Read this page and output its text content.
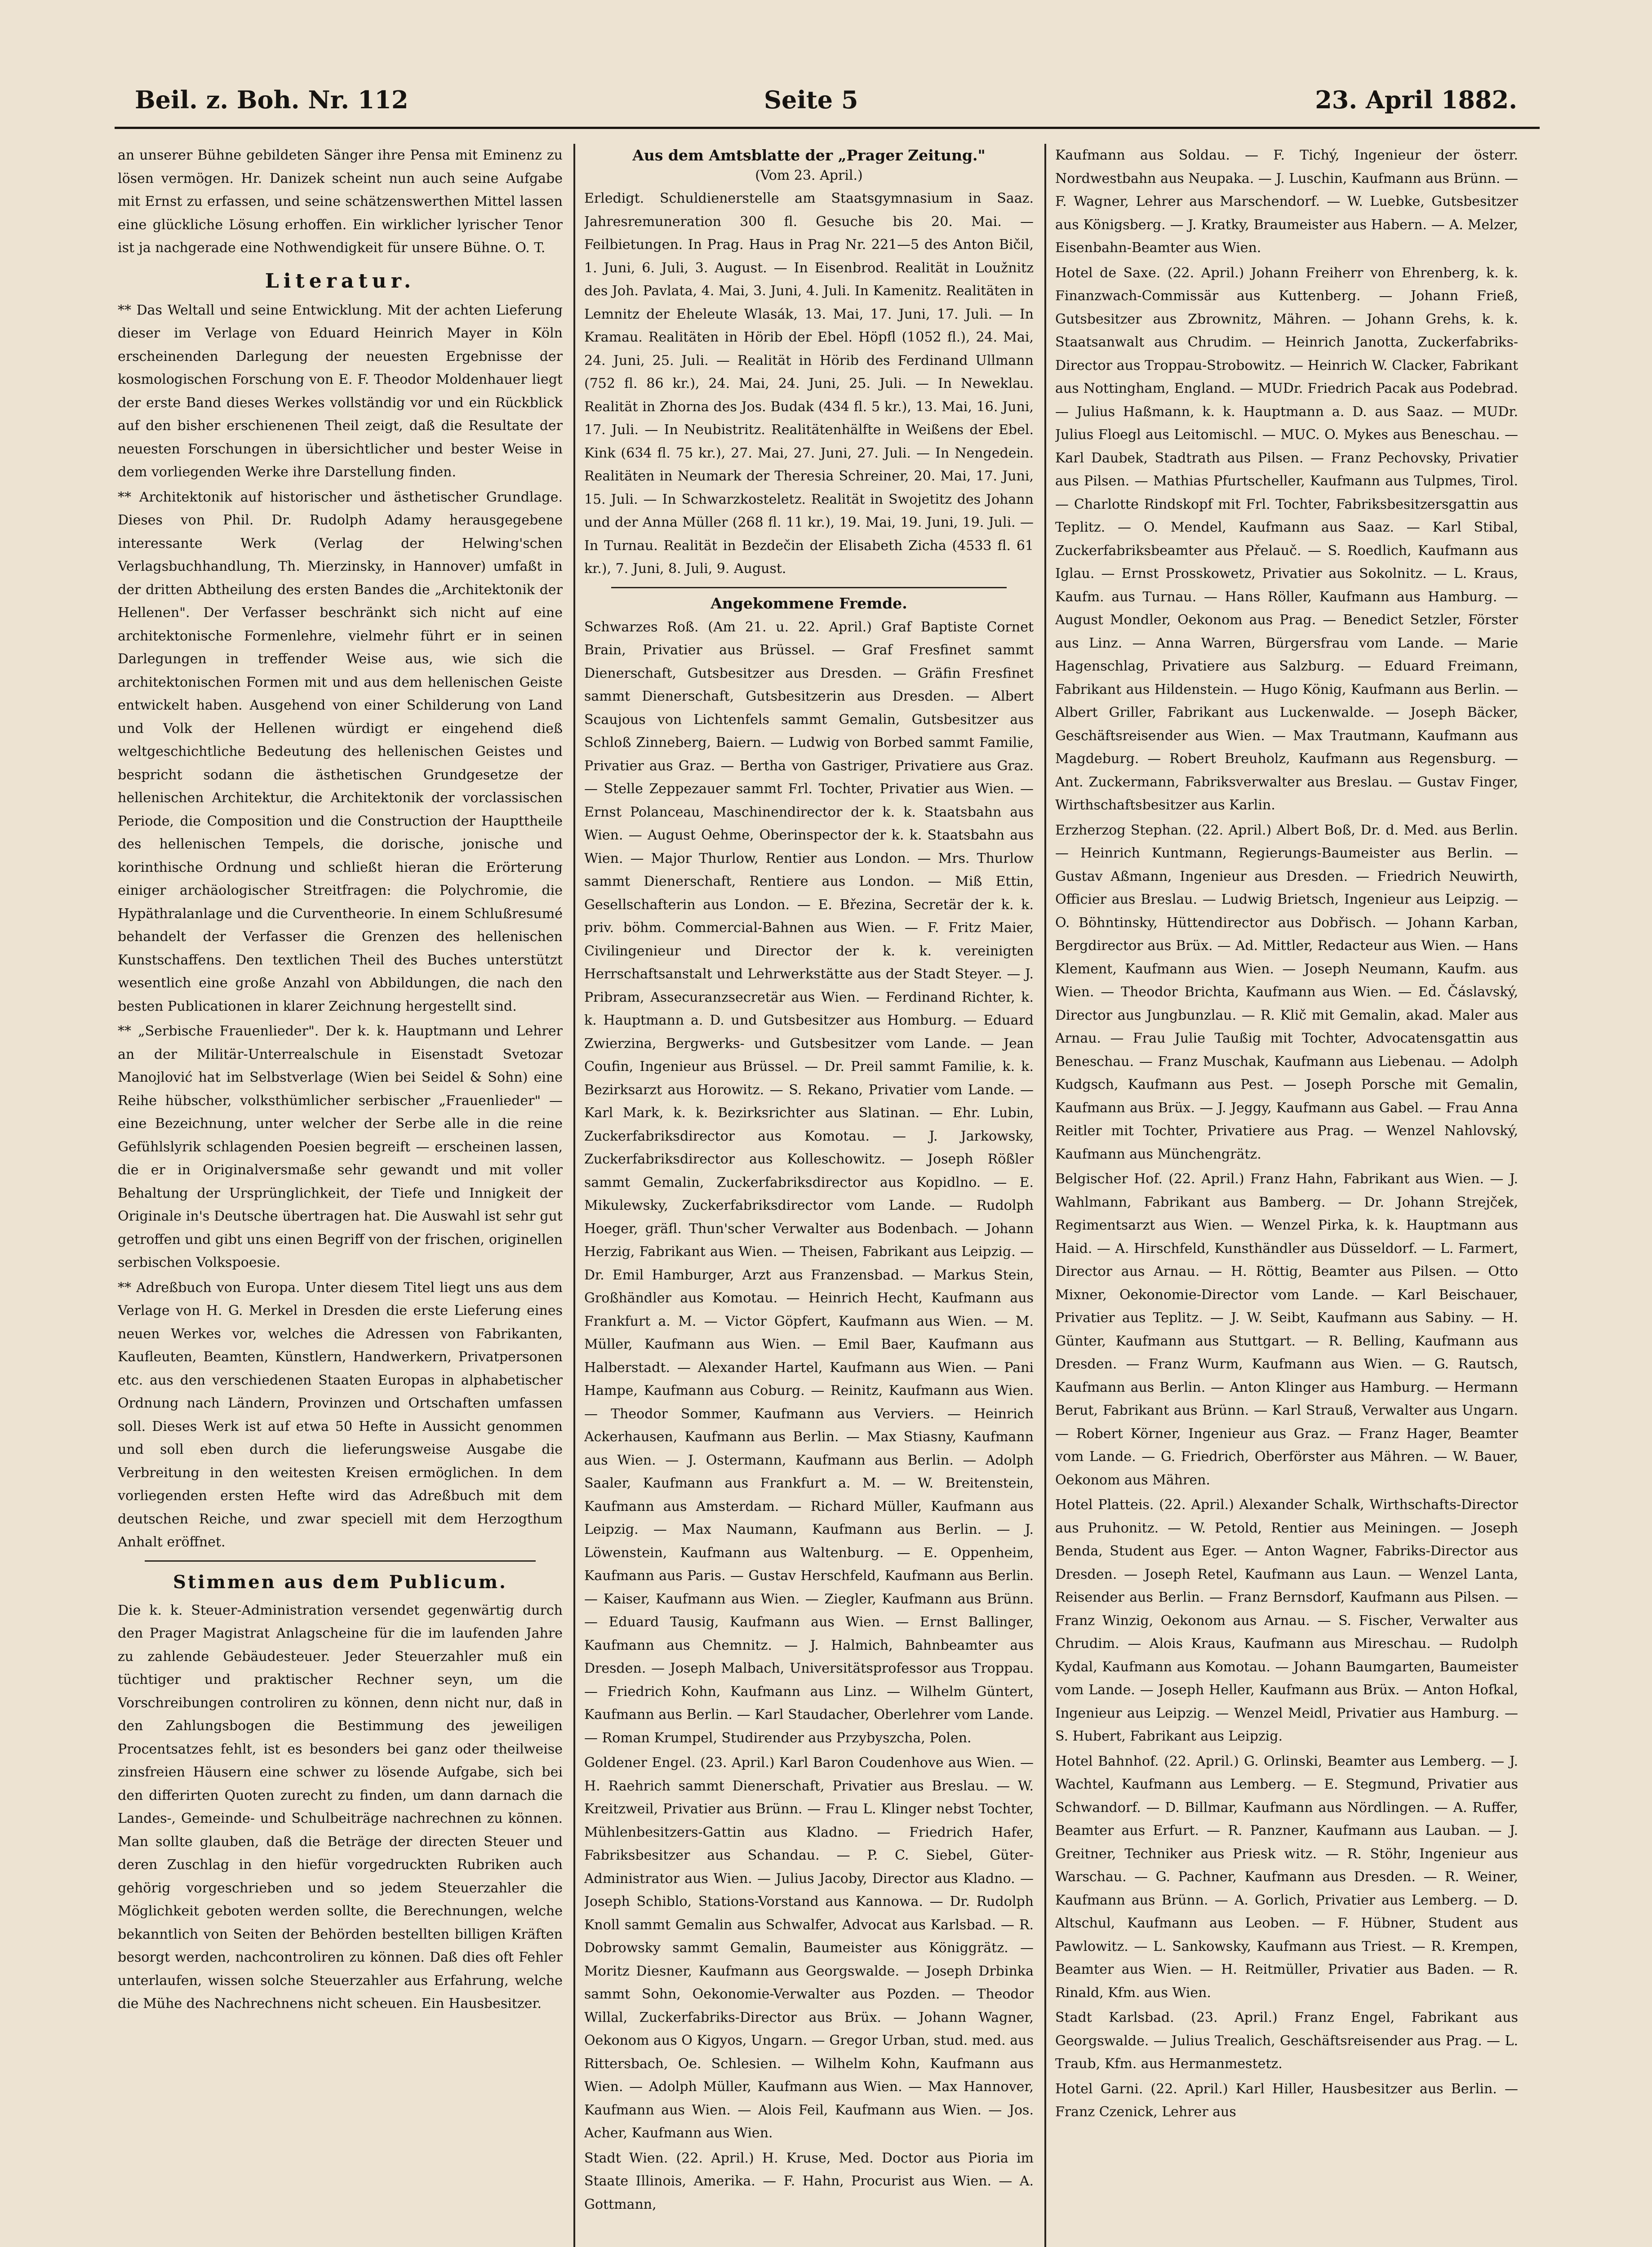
Beil. z. Boh. Nr. 112	Seite 5	23. April 1882.

an unserer Bühne gebildeten Sänger ihre Pensa mit Eminenz zu lösen vermögen. Hr. Danizek scheint nun auch seine Aufgabe mit Ernst zu erfassen, und seine schätzenswerthen Mittel lassen eine glückliche Lösung erhoffen. Ein wirklicher lyrischer Tenor ist ja nachgerade eine Nothwendigkeit für unsere Bühne. O. T.

Literatur.

** Das Weltall und seine Entwicklung. Mit der achten Lieferung dieser im Verlage von Eduard Heinrich Mayer in Köln erscheinenden Darlegung der neuesten Ergebnisse der kosmologischen Forschung von E. F. Theodor Moldenhauer liegt der erste Band dieses Werkes vollständig vor und ein Rückblick auf den bisher erschienenen Theil zeigt, daß die Resultate der neuesten Forschungen in übersichtlicher und bester Weise in dem vorliegenden Werke ihre Darstellung finden.

** Architektonik auf historischer und ästhetischer Grundlage. Dieses von Phil. Dr. Rudolph Adamy herausgegebene interessante Werk (Verlag der Helwing'schen Verlagsbuchhandlung, Th. Mierzinsky, in Hannover) umfaßt in der dritten Abtheilung des ersten Bandes die „Architektonik der Hellenen". Der Verfasser beschränkt sich nicht auf eine architektonische Formenlehre, vielmehr führt er in seinen Darlegungen in treffender Weise aus, wie sich die architektonischen Formen mit und aus dem hellenischen Geiste entwickelt haben. Ausgehend von einer Schilderung von Land und Volk der Hellenen würdigt er eingehend dieß weltgeschichtliche Bedeutung des hellenischen Geistes und bespricht sodann die ästhetischen Grundgesetze der hellenischen Architektur, die Architektonik der vorclassischen Periode, die Composition und die Construction der Haupttheile des hellenischen Tempels, die dorische, jonische und korinthische Ordnung und schließt hieran die Erörterung einiger archäologischer Streitfragen: die Polychromie, die Hypäthralanlage und die Curventheorie. In einem Schlußresumé behandelt der Verfasser die Grenzen des hellenischen Kunstschaffens. Den textlichen Theil des Buches unterstützt wesentlich eine große Anzahl von Abbildungen, die nach den besten Publicationen in klarer Zeichnung hergestellt sind.

** „Serbische Frauenlieder". Der k. k. Hauptmann und Lehrer an der Militär-Unterrealschule in Eisenstadt Svetozar Manojlović hat im Selbstverlage (Wien bei Seidel & Sohn) eine Reihe hübscher, volksthümlicher serbischer „Frauenlieder" — eine Bezeichnung, unter welcher der Serbe alle in die reine Gefühlslyrik schlagenden Poesien begreift — erscheinen lassen, die er in Originalversmaße sehr gewandt und mit voller Behaltung der Ursprünglichkeit, der Tiefe und Innigkeit der Originale in's Deutsche übertragen hat. Die Auswahl ist sehr gut getroffen und gibt uns einen Begriff von der frischen, originellen serbischen Volkspoesie.

** Adreßbuch von Europa. Unter diesem Titel liegt uns aus dem Verlage von H. G. Merkel in Dresden die erste Lieferung eines neuen Werkes vor, welches die Adressen von Fabrikanten, Kaufleuten, Beamten, Künstlern, Handwerkern, Privatpersonen etc. aus den verschiedenen Staaten Europas in alphabetischer Ordnung nach Ländern, Provinzen und Ortschaften umfassen soll. Dieses Werk ist auf etwa 50 Hefte in Aussicht genommen und soll eben durch die lieferungsweise Ausgabe die Verbreitung in den weitesten Kreisen ermöglichen. In dem vorliegenden ersten Hefte wird das Adreßbuch mit dem deutschen Reiche, und zwar speciell mit dem Herzogthum Anhalt eröffnet.

Stimmen aus dem Publicum.

Die k. k. Steuer-Administration versendet gegenwärtig durch den Prager Magistrat Anlagscheine für die im laufenden Jahre zu zahlende Gebäudesteuer. Jeder Steuerzahler muß ein tüchtiger und praktischer Rechner seyn, um die Vorschreibungen controliren zu können, denn nicht nur, daß in den Zahlungsbogen die Bestimmung des jeweiligen Procentsatzes fehlt, ist es besonders bei ganz oder theilweise zinsfreien Häusern eine schwer zu lösende Aufgabe, sich bei den differirten Quoten zurecht zu finden, um dann darnach die Landes-, Gemeinde- und Schulbeiträge nachrechnen zu können. Man sollte glauben, daß die Beträge der directen Steuer und deren Zuschlag in den hiefür vorgedruckten Rubriken auch gehörig vorgeschrieben und so jedem Steuerzahler die Möglichkeit geboten werden sollte, die Berechnungen, welche bekanntlich von Seiten der Behörden bestellten billigen Kräften besorgt werden, nachcontroliren zu können. Daß dies oft Fehler unterlaufen, wissen solche Steuerzahler aus Erfahrung, welche die Mühe des Nachrechnens nicht scheuen. Ein Hausbesitzer.

Aus dem Amtsblatte der „Prager Zeitung."
(Vom 23. April.)

Erledigt. Schuldienerstelle am Staatsgymnasium in Saaz. Jahresremuneration 300 fl. Gesuche bis 20. Mai. — Feilbietungen. In Prag. Haus in Prag Nr. 221—5 des Anton Bičil, 1. Juni, 6. Juli, 3. August. — In Eisenbrod. Realität in Loužnitz des Joh. Pavlata, 4. Mai, 3. Juni, 4. Juli. In Kamenitz. Realitäten in Lemnitz der Eheleute Wlasák, 13. Mai, 17. Juni, 17. Juli. — In Kramau. Realitäten in Hörib der Ebel. Höpfl (1052 fl.), 24. Mai, 24. Juni, 25. Juli. — Realität in Hörib des Ferdinand Ullmann (752 fl. 86 kr.), 24. Mai, 24. Juni, 25. Juli. — In Neweklau. Realität in Zhorna des Jos. Budak (434 fl. 5 kr.), 13. Mai, 16. Juni, 17. Juli. — In Neubistritz. Realitätenhälfte in Weißens der Ebel. Kink (634 fl. 75 kr.), 27. Mai, 27. Juni, 27. Juli. — In Nengedein. Realitäten in Neumark der Theresia Schreiner, 20. Mai, 17. Juni, 15. Juli. — In Schwarzkosteletz. Realität in Swojetitz des Johann und der Anna Müller (268 fl. 11 kr.), 19. Mai, 19. Juni, 19. Juli. — In Turnau. Realität in Bezdečin der Elisabeth Zicha (4533 fl. 61 kr.), 7. Juni, 8. Juli, 9. August.

Angekommene Fremde.

Schwarzes Roß. (Am 21. u. 22. April.) Graf Baptiste Cornet Brain, Privatier aus Brüssel. — Graf Fresfinet sammt Dienerschaft, Gutsbesitzer aus Dresden. — Gräfin Fresfinet sammt Dienerschaft, Gutsbesitzerin aus Dresden. — Albert Scaujous von Lichtenfels sammt Gemalin, Gutsbesitzer aus Schloß Zinneberg, Baiern. — Ludwig von Borbed sammt Familie, Privatier aus Graz. — Bertha von Gastriger, Privatiere aus Graz. — Stelle Zeppezauer sammt Frl. Tochter, Privatier aus Wien. — Ernst Polanceau, Maschinendirector der k. k. Staatsbahn aus Wien. — August Oehme, Oberinspector der k. k. Staatsbahn aus Wien. — Major Thurlow, Rentier aus London. — Mrs. Thurlow sammt Dienerschaft, Rentiere aus London. — Miß Ettin, Gesellschafterin aus London. — E. Březina, Secretär der k. k. priv. böhm. Commercial-Bahnen aus Wien. — F. Fritz Maier, Civilingenieur und Director der k. k. vereinigten Herrschaftsanstalt und Lehrwerkstätte aus der Stadt Steyer. — J. Pribram, Assecuranzsecretär aus Wien. — Ferdinand Richter, k. k. Hauptmann a. D. und Gutsbesitzer aus Homburg. — Eduard Zwierzina, Bergwerks- und Gutsbesitzer vom Lande. — Jean Coufin, Ingenieur aus Brüssel. — Dr. Preil sammt Familie, k. k. Bezirksarzt aus Horowitz. — S. Rekano, Privatier vom Lande. — Karl Mark, k. k. Bezirksrichter aus Slatinan. — Ehr. Lubin, Zuckerfabriksdirector aus Komotau. — J. Jarkowsky, Zuckerfabriksdirector aus Kolleschowitz. — Joseph Rößler sammt Gemalin, Zuckerfabriksdirector aus Kopidlno. — E. Mikulewsky, Zuckerfabriksdirector vom Lande. — Rudolph Hoeger, gräfl. Thun'scher Verwalter aus Bodenbach. — Johann Herzig, Fabrikant aus Wien. — Theisen, Fabrikant aus Leipzig. — Dr. Emil Hamburger, Arzt aus Franzensbad. — Markus Stein, Großhändler aus Komotau. — Heinrich Hecht, Kaufmann aus Frankfurt a. M. — Victor Göpfert, Kaufmann aus Wien. — M. Müller, Kaufmann aus Wien. — Emil Baer, Kaufmann aus Halberstadt. — Alexander Hartel, Kaufmann aus Wien. — Pani Hampe, Kaufmann aus Coburg. — Reinitz, Kaufmann aus Wien. — Theodor Sommer, Kaufmann aus Verviers. — Heinrich Ackerhausen, Kaufmann aus Berlin. — Max Stiasny, Kaufmann aus Wien. — J. Ostermann, Kaufmann aus Berlin. — Adolph Saaler, Kaufmann aus Frankfurt a. M. — W. Breitenstein, Kaufmann aus Amsterdam. — Richard Müller, Kaufmann aus Leipzig. — Max Naumann, Kaufmann aus Berlin. — J. Löwenstein, Kaufmann aus Waltenburg. — E. Oppenheim, Kaufmann aus Paris. — Gustav Herschfeld, Kaufmann aus Berlin. — Kaiser, Kaufmann aus Wien. — Ziegler, Kaufmann aus Brünn. — Eduard Tausig, Kaufmann aus Wien. — Ernst Ballinger, Kaufmann aus Chemnitz. — J. Halmich, Bahnbeamter aus Dresden. — Joseph Malbach, Universitätsprofessor aus Troppau. — Friedrich Kohn, Kaufmann aus Linz. — Wilhelm Güntert, Kaufmann aus Berlin. — Karl Staudacher, Oberlehrer vom Lande. — Roman Krumpel, Studirender aus Przybyszcha, Polen.

Goldener Engel. (23. April.) Karl Baron Coudenhove aus Wien. — H. Raehrich sammt Dienerschaft, Privatier aus Breslau. — W. Kreitzweil, Privatier aus Brünn. — Frau L. Klinger nebst Tochter, Mühlenbesitzers-Gattin aus Kladno. — Friedrich Hafer, Fabriksbesitzer aus Schandau. — P. C. Siebel, Güter-Administrator aus Wien. — Julius Jacoby, Director aus Kladno. — Joseph Schiblo, Stations-Vorstand aus Kannowa. — Dr. Rudolph Knoll sammt Gemalin aus Schwalfer, Advocat aus Karlsbad. — R. Dobrowsky sammt Gemalin, Baumeister aus Königgrätz. — Moritz Diesner, Kaufmann aus Georgswalde. — Joseph Drbinka sammt Sohn, Oekonomie-Verwalter aus Pozden. — Theodor Willal, Zuckerfabriks-Director aus Brüx. — Johann Wagner, Oekonom aus O Kigyos, Ungarn. — Gregor Urban, stud. med. aus Rittersbach, Oe. Schlesien. — Wilhelm Kohn, Kaufmann aus Wien. — Adolph Müller, Kaufmann aus Wien. — Max Hannover, Kaufmann aus Wien. — Alois Feil, Kaufmann aus Wien. — Jos. Acher, Kaufmann aus Wien.

Stadt Wien. (22. April.) H. Kruse, Med. Doctor aus Pioria im Staate Illinois, Amerika. — F. Hahn, Procurist aus Wien. — A. Gottmann,

Kaufmann aus Soldau. — F. Tichý, Ingenieur der österr. Nordwestbahn aus Neupaka. — J. Luschin, Kaufmann aus Brünn. — F. Wagner, Lehrer aus Marschendorf. — W. Luebke, Gutsbesitzer aus Königsberg. — J. Kratky, Braumeister aus Habern. — A. Melzer, Eisenbahn-Beamter aus Wien.

Hotel de Saxe. (22. April.) Johann Freiherr von Ehrenberg, k. k. Finanzwach-Commissär aus Kuttenberg. — Johann Frieß, Gutsbesitzer aus Zbrownitz, Mähren. — Johann Grehs, k. k. Staatsanwalt aus Chrudim. — Heinrich Janotta, Zuckerfabriks-Director aus Troppau-Strobowitz. — Heinrich W. Clacker, Fabrikant aus Nottingham, England. — MUDr. Friedrich Pacak aus Podebrad. — Julius Haßmann, k. k. Hauptmann a. D. aus Saaz. — MUDr. Julius Floegl aus Leitomischl. — MUC. O. Mykes aus Beneschau. — Karl Daubek, Stadtrath aus Pilsen. — Franz Pechovsky, Privatier aus Pilsen. — Mathias Pfurtscheller, Kaufmann aus Tulpmes, Tirol. — Charlotte Rindskopf mit Frl. Tochter, Fabriksbesitzersgattin aus Teplitz. — O. Mendel, Kaufmann aus Saaz. — Karl Stibal, Zuckerfabriksbeamter aus Přelauč. — S. Roedlich, Kaufmann aus Iglau. — Ernst Prosskowetz, Privatier aus Sokolnitz. — L. Kraus, Kaufm. aus Turnau. — Hans Röller, Kaufmann aus Hamburg. — August Mondler, Oekonom aus Prag. — Benedict Setzler, Förster aus Linz. — Anna Warren, Bürgersfrau vom Lande. — Marie Hagenschlag, Privatiere aus Salzburg. — Eduard Freimann, Fabrikant aus Hildenstein. — Hugo König, Kaufmann aus Berlin. — Albert Griller, Fabrikant aus Luckenwalde. — Joseph Bäcker, Geschäftsreisender aus Wien. — Max Trautmann, Kaufmann aus Magdeburg. — Robert Breuholz, Kaufmann aus Regensburg. — Ant. Zuckermann, Fabriksverwalter aus Breslau. — Gustav Finger, Wirthschaftsbesitzer aus Karlin.

Erzherzog Stephan. (22. April.) Albert Boß, Dr. d. Med. aus Berlin. — Heinrich Kuntmann, Regierungs-Baumeister aus Berlin. — Gustav Aßmann, Ingenieur aus Dresden. — Friedrich Neuwirth, Officier aus Breslau. — Ludwig Brietsch, Ingenieur aus Leipzig. — O. Böhntinsky, Hüttendirector aus Dobřisch. — Johann Karban, Bergdirector aus Brüx. — Ad. Mittler, Redacteur aus Wien. — Hans Klement, Kaufmann aus Wien. — Joseph Neumann, Kaufm. aus Wien. — Theodor Brichta, Kaufmann aus Wien. — Ed. Čáslavský, Director aus Jungbunzlau. — R. Klič mit Gemalin, akad. Maler aus Arnau. — Frau Julie Taußig mit Tochter, Advocatensgattin aus Beneschau. — Franz Muschak, Kaufmann aus Liebenau. — Adolph Kudgsch, Kaufmann aus Pest. — Joseph Porsche mit Gemalin, Kaufmann aus Brüx. — J. Jeggy, Kaufmann aus Gabel. — Frau Anna Reitler mit Tochter, Privatiere aus Prag. — Wenzel Nahlovský, Kaufmann aus Münchengrätz.

Belgischer Hof. (22. April.) Franz Hahn, Fabrikant aus Wien. — J. Wahlmann, Fabrikant aus Bamberg. — Dr. Johann Strejček, Regimentsarzt aus Wien. — Wenzel Pirka, k. k. Hauptmann aus Haid. — A. Hirschfeld, Kunsthändler aus Düsseldorf. — L. Farmert, Director aus Arnau. — H. Röttig, Beamter aus Pilsen. — Otto Mixner, Oekonomie-Director vom Lande. — Karl Beischauer, Privatier aus Teplitz. — J. W. Seibt, Kaufmann aus Sabiny. — H. Günter, Kaufmann aus Stuttgart. — R. Belling, Kaufmann aus Dresden. — Franz Wurm, Kaufmann aus Wien. — G. Rautsch, Kaufmann aus Berlin. — Anton Klinger aus Hamburg. — Hermann Berut, Fabrikant aus Brünn. — Karl Strauß, Verwalter aus Ungarn. — Robert Körner, Ingenieur aus Graz. — Franz Hager, Beamter vom Lande. — G. Friedrich, Oberförster aus Mähren. — W. Bauer, Oekonom aus Mähren.

Hotel Platteis. (22. April.) Alexander Schalk, Wirthschafts-Director aus Pruhonitz. — W. Petold, Rentier aus Meiningen. — Joseph Benda, Student aus Eger. — Anton Wagner, Fabriks-Director aus Dresden. — Joseph Retel, Kaufmann aus Laun. — Wenzel Lanta, Reisender aus Berlin. — Franz Bernsdorf, Kaufmann aus Pilsen. — Franz Winzig, Oekonom aus Arnau. — S. Fischer, Verwalter aus Chrudim. — Alois Kraus, Kaufmann aus Mireschau. — Rudolph Kydal, Kaufmann aus Komotau. — Johann Baumgarten, Baumeister vom Lande. — Joseph Heller, Kaufmann aus Brüx. — Anton Hofkal, Ingenieur aus Leipzig. — Wenzel Meidl, Privatier aus Hamburg. — S. Hubert, Fabrikant aus Leipzig.

Hotel Bahnhof. (22. April.) G. Orlinski, Beamter aus Lemberg. — J. Wachtel, Kaufmann aus Lemberg. — E. Stegmund, Privatier aus Schwandorf. — D. Billmar, Kaufmann aus Nördlingen. — A. Ruffer, Beamter aus Erfurt. — R. Panzner, Kaufmann aus Lauban. — J. Greitner, Techniker aus Priesk witz. — R. Stöhr, Ingenieur aus Warschau. — G. Pachner, Kaufmann aus Dresden. — R. Weiner, Kaufmann aus Brünn. — A. Gorlich, Privatier aus Lemberg. — D. Altschul, Kaufmann aus Leoben. — F. Hübner, Student aus Pawlowitz. — L. Sankowsky, Kaufmann aus Triest. — R. Krempen, Beamter aus Wien. — H. Reitmüller, Privatier aus Baden. — R. Rinald, Kfm. aus Wien.

Stadt Karlsbad. (23. April.) Franz Engel, Fabrikant aus Georgswalde. — Julius Trealich, Geschäftsreisender aus Prag. — L. Traub, Kfm. aus Hermanmestetz.

Hotel Garni. (22. April.) Karl Hiller, Hausbesitzer aus Berlin. — Franz Czenick, Lehrer aus
